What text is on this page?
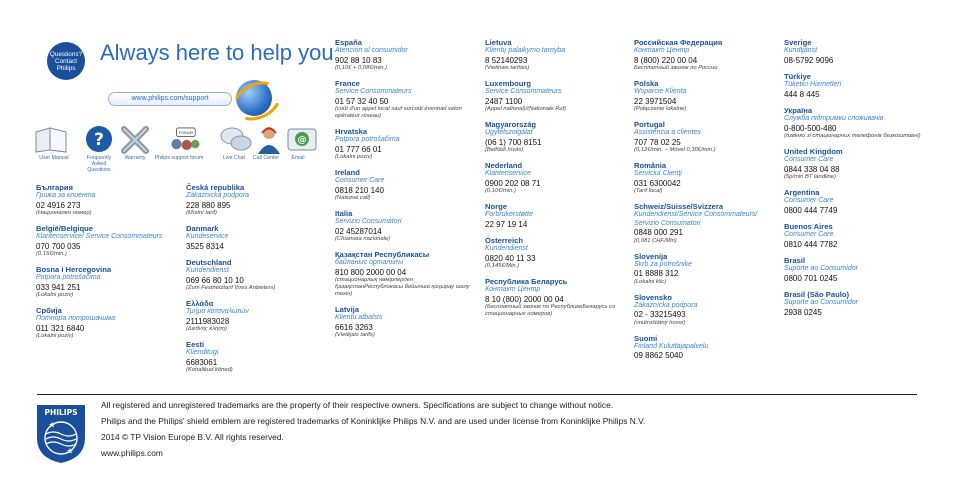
Questions?
Contact
Philips
Always here to help you
www.philips.com/support
?	FORUM
@
User Manual	Frequently Asked Questions
Warranty	Philips support forum	Live Chat	Call Center	Email
България
Грижа за клиента
02 4916 273
(Национален номер)
België/Belgique
Klantenservice/ Service Consommateurs
070 700 035
(0,15€/min.)
Bosna i Hercegovina
Potpora potrošačima
033 941 251
(Lokalni poziv)
Србија
Потпора потрошачима
011 321 6840
(Lokalni poziv)
Česká republika
Zákaznická podpora
228 880 895
(Místní tarif)
Danmark
Kundeservice
3525 8314
Deutschland
Kundendienst
069 66 80 10 10
(Zum Festnetztarif Ihres Anbieters)
Ελλάδα
Τμήμα καταναλωτών
2111983028
(Διεθνής κλήση)
Eesti
Klienditugi
6683061
(Kohalikud kõned)
España
Atención al consumidor
902 88 10 83
(0,10€ + 0,08€/min.)
France
Service Consommateurs
01 57 32 40 50
(coût d'un appel local sauf surcoût éventuel selon opérateur réseau)
Hrvatska
Potpora potrošačima
01 777 66 01
(Lokalni poziv)
Ireland
Consumer Care
0818 210 140
(National call)
Italia
Servizio Consumatori
02 45287014
(Chiamata nazionale)
Қазақстан Республикасы
байланыс орталығы
810 800 2000 00 04
(стационарлық нөмірлерден ҚазақстанРеспубликасы бойынша қоңырау шалу тегін)
Latvija
Klientu atbalsts
6616 3263
(Vietējais tarifs)
Lietuva
Klientų palaikymo tarnyba
8 52140293
(Vietinais tarifais)
Luxembourg
Service Consommateurs
2487 1100
(Appel national)/(Nationale Ruf)
Magyarország
Ügyfélszolgálat
(06 1) 700 8151
(Belföldi hívás)
Nederland
Klantenservice
0900 202 08 71
(0,10€/min.)
Norge
Forbrukerstøtte
22 97 19 14
Österreich
Kundendienst
0820 40 11 33
(0,145€/Min.)
Республика Беларусь
Контакт Центр
8 10 (800) 2000 00 04
(бесплатный звонок по РеспубликеБеларусь со стационарных номеров)
Российская Федерация
Контакт Центр
8 (800) 220 00 04
Бесплатный звонок по России
Polska
Wsparcie Klienta
22 3971504
(Połączenie lokalne)
Portugal
Assistência a clientes
707 78 02 25
(0,12€/min. – Móvel 0,30€/min.)
România
Serviciul Clienţi
031 6300042
(Tarif local)
Schweiz/Suisse/Svizzera
Kundendienst/Service Consommateurs/ Servizio Consumatori
0848 000 291
(0,081 CHF/Min)
Slovenija
Skrb za potrošnike
01 8888 312
(Lokalni klic)
Slovensko
Zákaznícka podpora
02 - 33215493
(vnútroštátny hovor)
Suomi
Finland Kuluttajapalvelu
09 8862 5040
Sverige
Kundtjänst
08-5792 9096
Türkiye
Tüketici Hizmetleri
444 8 445
Україна
Служба підтримки споживачів
0-800-500-480
(дзвінки зі стаціонарних телефонів безкоштовні)
United Kingdom
Consumer Care
0844 338 04 88
(5p/min BT landline)
Argentina
Consumer Care
0800 444 7749
Buenos Aires
Consumer Care
0810 444 7782
Brasil
Suporte ao Consumidor
0800 701 0245
Brasil (São Paulo)
Suporte ao Consumidor
2938 0245
PHILIPS

All registered and unregistered trademarks are the property of their respective owners. Specifications are subject to change without notice.

Philips and the Philips' shield emblem are registered trademarks of Koninklijke Philips N.V. and are used under license from Koninklijke Philips N.V.

2014 © TP Vision Europe B.V. All rights reserved.

www.philips.com
